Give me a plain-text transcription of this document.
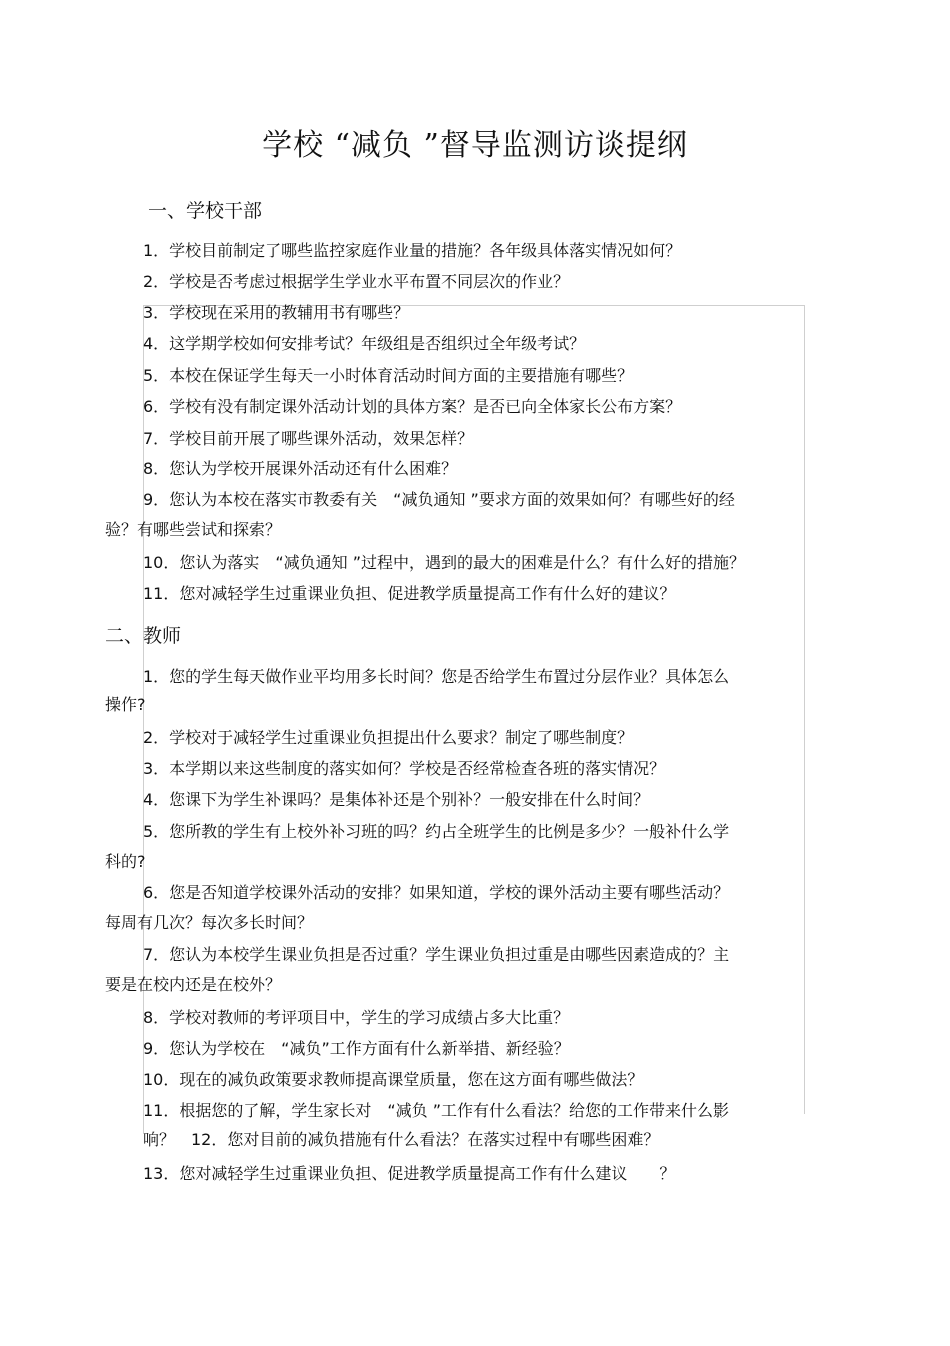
学校 “减负 ”督导监测访谈提纲
一、学校干部
1．学校目前制定了哪些监控家庭作业量的措施？各年级具体落实情况如何？
2．学校是否考虑过根据学生学业水平布置不同层次的作业？
3．学校现在采用的教辅用书有哪些？
4．这学期学校如何安排考试？年级组是否组织过全年级考试？
5．本校在保证学生每天一小时体育活动时间方面的主要措施有哪些？
6．学校有没有制定课外活动计划的具体方案？是否已向全体家长公布方案？
7．学校目前开展了哪些课外活动，效果怎样？
8．您认为学校开展课外活动还有什么困难？
9．您认为本校在落实市教委有关　“减负通知 ”要求方面的效果如何？有哪些好的经
验？有哪些尝试和探索？
10．您认为落实　“减负通知 ”过程中，遇到的最大的困难是什么？有什么好的措施？
11．您对减轻学生过重课业负担、促进教学质量提高工作有什么好的建议？
二、教师
1．您的学生每天做作业平均用多长时间？您是否给学生布置过分层作业？具体怎么
操作?
2．学校对于减轻学生过重课业负担提出什么要求？制定了哪些制度？
3．本学期以来这些制度的落实如何？学校是否经常检查各班的落实情况？
4．您课下为学生补课吗？是集体补还是个别补？一般安排在什么时间？
5．您所教的学生有上校外补习班的吗？约占全班学生的比例是多少？一般补什么学
科的?
6．您是否知道学校课外活动的安排？如果知道，学校的课外活动主要有哪些活动？
每周有几次？每次多长时间？
7．您认为本校学生课业负担是否过重？学生课业负担过重是由哪些因素造成的？主
要是在校内还是在校外？
8．学校对教师的考评项目中，学生的学习成绩占多大比重？
9．您认为学校在　“减负”工作方面有什么新举措、新经验？
10．现在的减负政策要求教师提高课堂质量，您在这方面有哪些做法？
11．根据您的了解，学生家长对　“减负 ”工作有什么看法？给您的工作带来什么影
响？　12．您对目前的减负措施有什么看法？在落实过程中有哪些困难？
13．您对减轻学生过重课业负担、促进教学质量提高工作有什么建议　　？
